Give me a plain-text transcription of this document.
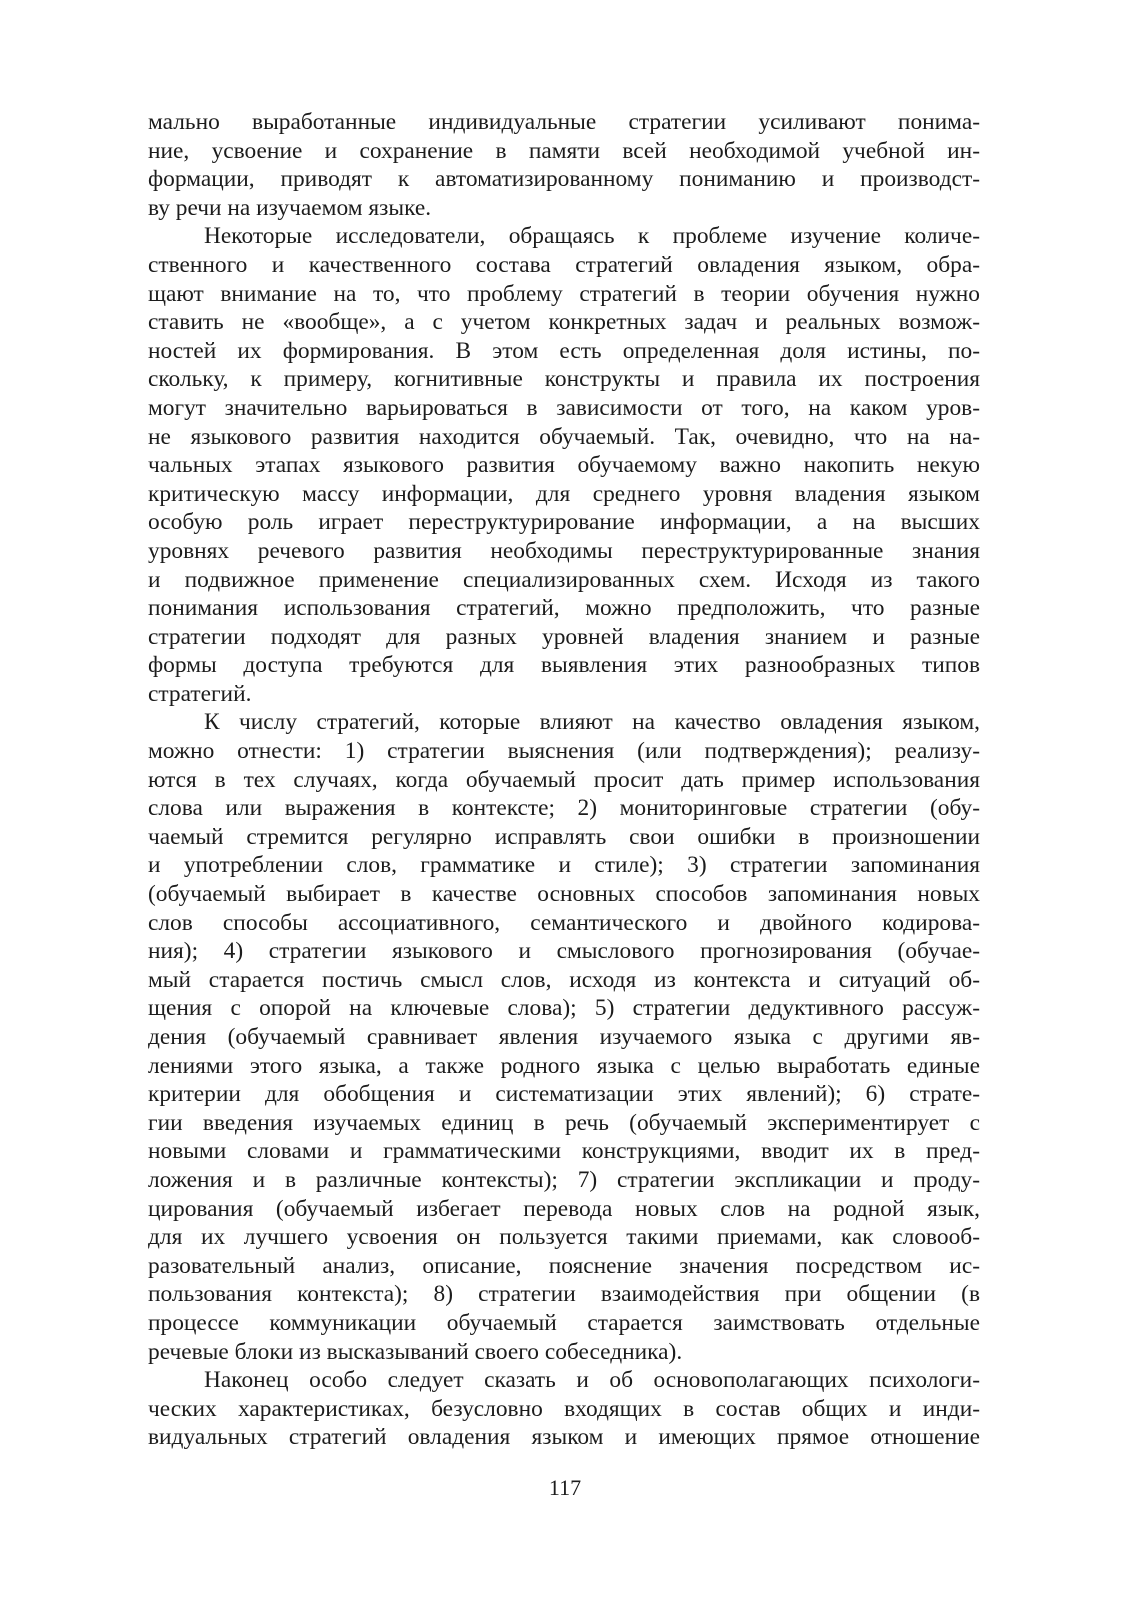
мально выработанные индивидуальные стратегии усиливают понима-
ние, усвоение и сохранение в памяти всей необходимой учебной ин-
формации, приводят к автоматизированному пониманию и производст-
ву речи на изучаемом языке.
Некоторые исследователи, обращаясь к проблеме изучение количе-
ственного и качественного состава стратегий овладения языком, обра-
щают внимание на то, что проблему стратегий в теории обучения нужно
ставить не «вообще», а с учетом конкретных задач и реальных возмож-
ностей их формирования. В этом есть определенная доля истины, по-
скольку, к примеру, когнитивные конструкты и правила их построения
могут значительно варьироваться в зависимости от того, на каком уров-
не языкового развития находится обучаемый. Так, очевидно, что на на-
чальных этапах языкового развития обучаемому важно накопить некую
критическую массу информации, для среднего уровня владения языком
особую роль играет переструктурирование информации, а на высших
уровнях речевого развития необходимы переструктурированные знания
и подвижное применение специализированных схем. Исходя из такого
понимания использования стратегий, можно предположить, что разные
стратегии подходят для разных уровней владения знанием и разные
формы доступа требуются для выявления этих разнообразных типов
стратегий.
К числу стратегий, которые влияют на качество овладения языком,
можно отнести: 1) стратегии выяснения (или подтверждения); реализу-
ются в тех случаях, когда обучаемый просит дать пример использования
слова или выражения в контексте; 2) мониторинговые стратегии (обу-
чаемый стремится регулярно исправлять свои ошибки в произношении
и употреблении слов, грамматике и стиле); 3) стратегии запоминания
(обучаемый выбирает в качестве основных способов запоминания новых
слов способы ассоциативного, семантического и двойного кодирова-
ния); 4) стратегии языкового и смыслового прогнозирования (обучае-
мый старается постичь смысл слов, исходя из контекста и ситуаций об-
щения с опорой на ключевые слова); 5) стратегии дедуктивного рассуж-
дения (обучаемый сравнивает явления изучаемого языка с другими яв-
лениями этого языка, а также родного языка с целью выработать единые
критерии для обобщения и систематизации этих явлений); 6) страте-
гии введения изучаемых единиц в речь (обучаемый экспериментирует с
новыми словами и грамматическими конструкциями, вводит их в пред-
ложения и в различные контексты); 7) стратегии экспликации и проду-
цирования (обучаемый избегает перевода новых слов на родной язык,
для их лучшего усвоения он пользуется такими приемами, как словооб-
разовательный анализ, описание, пояснение значения посредством ис-
пользования контекста); 8) стратегии взаимодействия при общении (в
процессе коммуникации обучаемый старается заимствовать отдельные
речевые блоки из высказываний своего собеседника).
Наконец особо следует сказать и об основополагающих психологи-
ческих характеристиках, безусловно входящих в состав общих и инди-
видуальных стратегий овладения языком и имеющих прямое отношение
117
